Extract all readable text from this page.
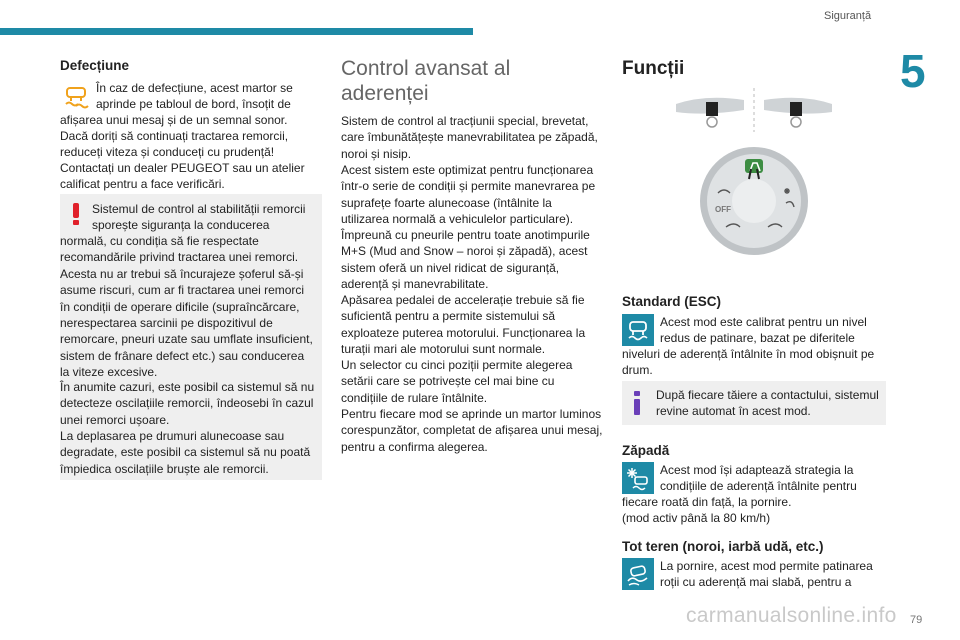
Siguranță
5
Defecțiune

În caz de defecțiune, acest martor se

aprinde pe tabloul de bord, însoțit de

afișarea unui mesaj și de un semnal sonor.

Dacă doriți să continuați tractarea remorcii, reduceți viteza și conduceți cu prudență!

Contactați un dealer PEUGEOT sau un atelier calificat pentru a face verificări.

Sistemul de control al stabilității remorcii sporește siguranța la conducerea

normală, cu condiția să fie respectate recomandările privind tractarea unei remorci. Acesta nu ar trebui să încurajeze șoferul să-și asume riscuri, cum ar fi tractarea unei remorci în condiții de operare dificile (supraîncărcare, nerespectarea sarcinii pe dispozitivul de remorcare, pneuri uzate sau umflate insuficient, sistem de frânare defect etc.) sau conducerea la viteze excesive.

În anumite cazuri, este posibil ca sistemul să nu detecteze oscilațiile remorcii, îndeosebi în cazul unei remorci ușoare.

La deplasarea pe drumuri alunecoase sau degradate, este posibil ca sistemul să nu poată împiedica oscilațiile bruște ale remorcii.

Control avansat al aderenței

Sistem de control al tracțiunii special, brevetat, care îmbunătățește manevrabilitatea pe zăpadă, noroi și nisip.

Acest sistem este optimizat pentru funcționarea într-o serie de condiții și permite manevrarea pe suprafețe foarte alunecoase (întâlnite la utilizarea normală a vehiculelor particulare).

Împreună cu pneurile pentru toate anotimpurile M+S (Mud and Snow – noroi și zăpadă), acest sistem oferă un nivel ridicat de siguranță, aderență și manevrabilitate.

Apăsarea pedalei de accelerație trebuie să fie suficientă pentru a permite sistemului să exploateze puterea motorului. Funcționarea la turații mari ale motorului sunt normale.

Un selector cu cinci poziții permite alegerea setării care se potrivește cel mai bine cu condițiile de rulare întâlnite.

Pentru fiecare mod se aprinde un martor luminos corespunzător, completat de afișarea unui mesaj, pentru a confirma alegerea.

Funcții
OFF
Standard (ESC)

Acest mod este calibrat pentru un nivel

redus de patinare, bazat pe diferitele

niveluri de aderență întâlnite în mod obișnuit pe drum.

După fiecare tăiere a contactului, sistemul revine automat în acest mod.

Zăpadă

Acest mod își adaptează strategia la

condițiile de aderență întâlnite pentru

fiecare roată din față, la pornire.

(mod activ până la 80 km/h)

Tot teren (noroi, iarbă udă, etc.)

La pornire, acest mod permite patinarea

roții cu aderență mai slabă, pentru a

carmanualsonline.info 79
